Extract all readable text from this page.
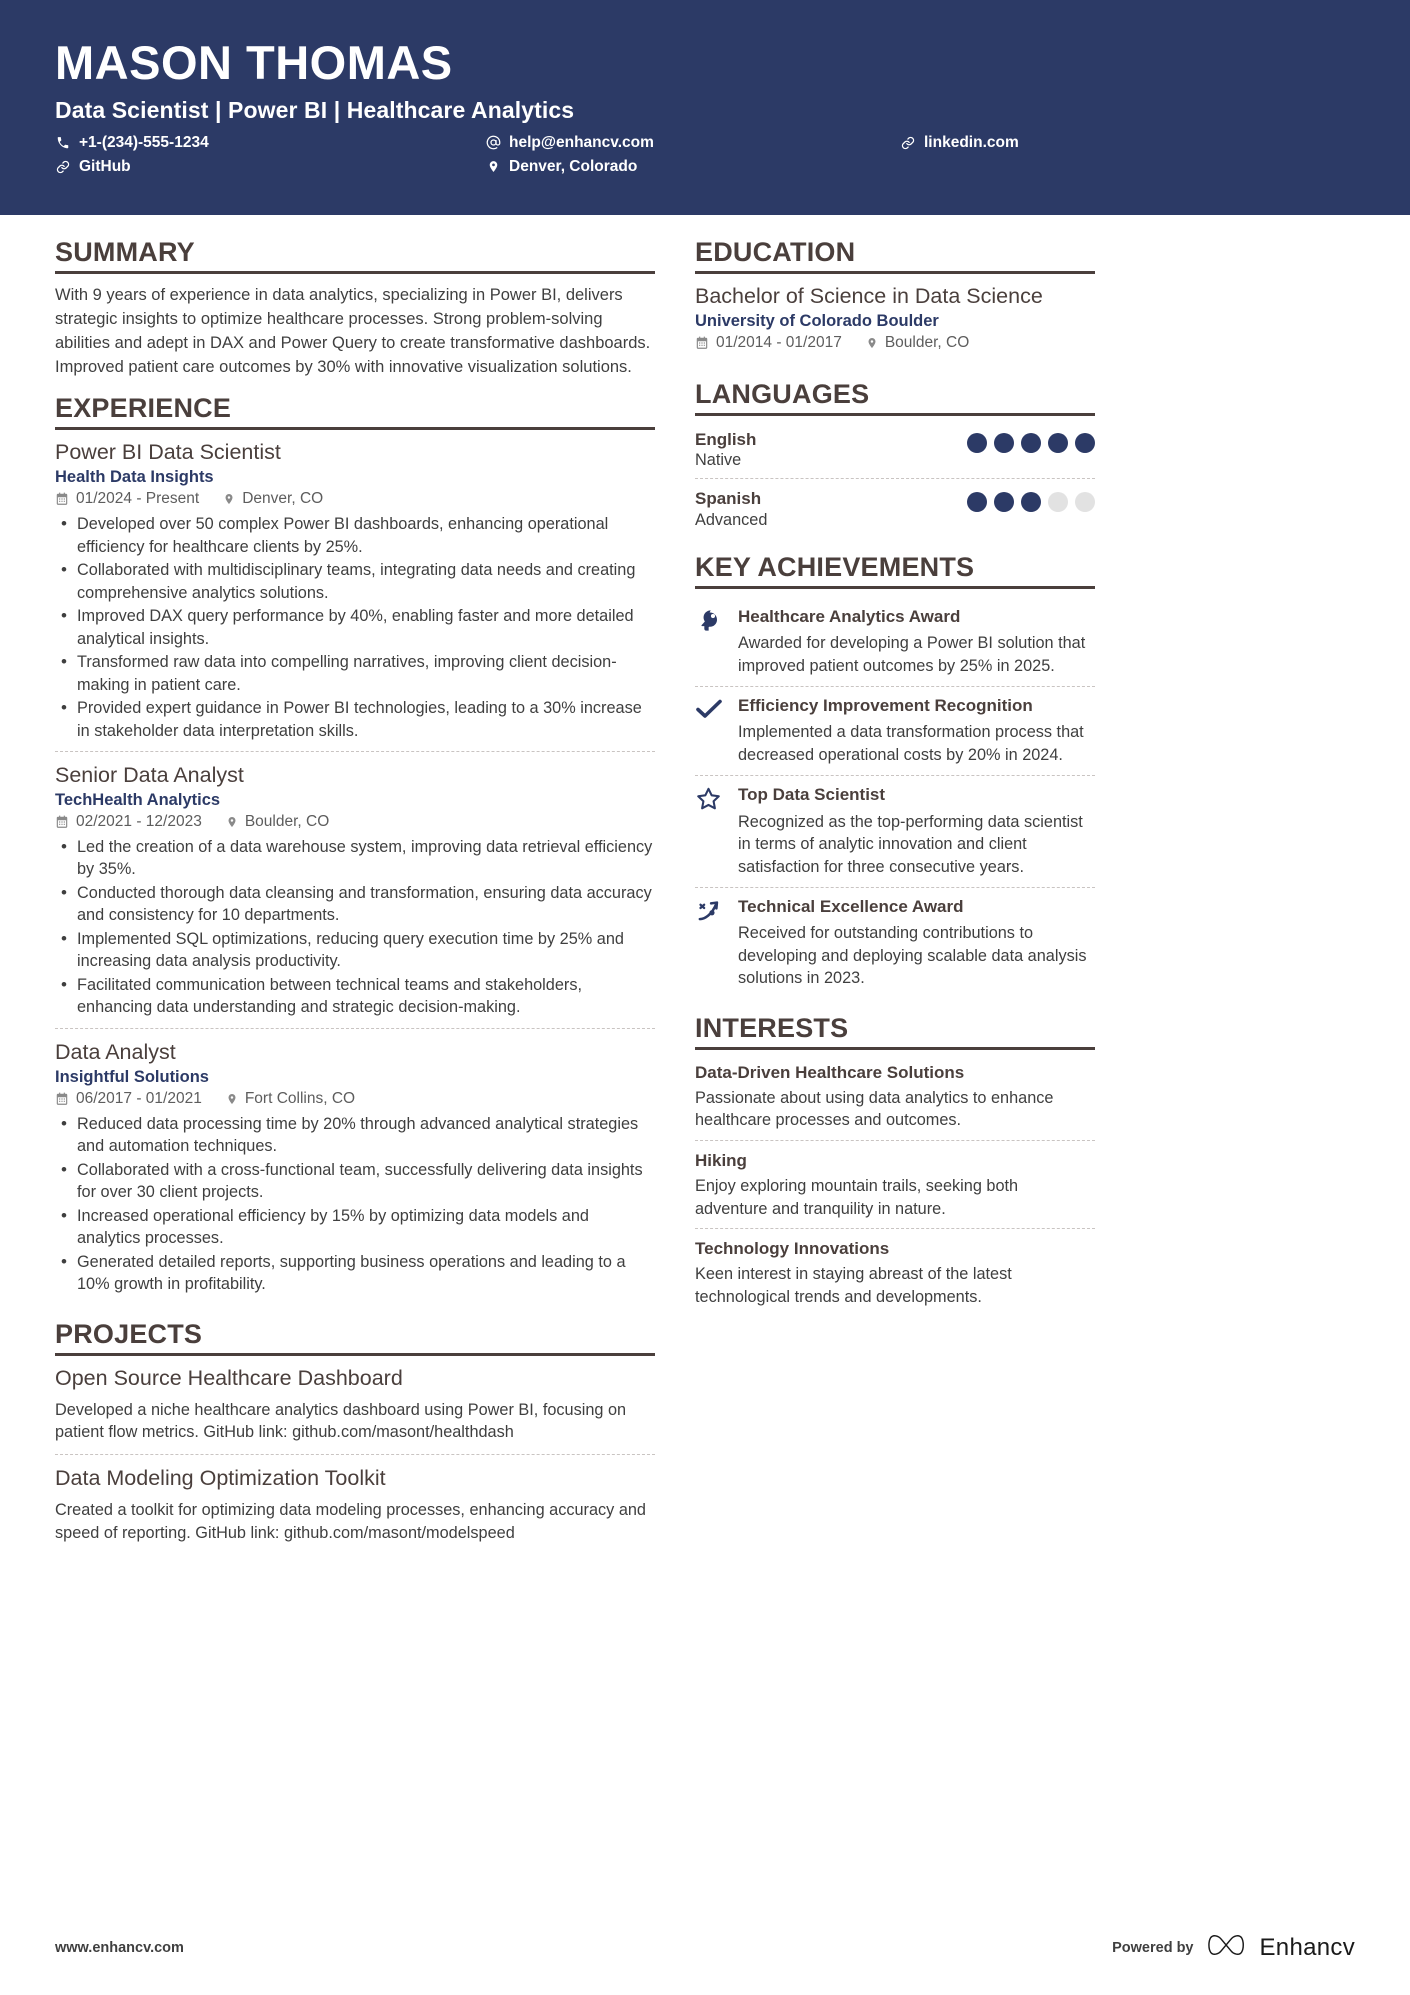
MASON THOMAS
Data Scientist | Power BI | Healthcare Analytics
+1-(234)-555-1234	help@enhancv.com	linkedin.com
GitHub	Denver, Colorado
SUMMARY
With 9 years of experience in data analytics, specializing in Power BI, delivers strategic insights to optimize healthcare processes. Strong problem-solving abilities and adept in DAX and Power Query to create transformative dashboards. Improved patient care outcomes by 30% with innovative visualization solutions.
EXPERIENCE
Power BI Data Scientist
Health Data Insights
01/2024 - Present	Denver, CO
• Developed over 50 complex Power BI dashboards, enhancing operational efficiency for healthcare clients by 25%.
• Collaborated with multidisciplinary teams, integrating data needs and creating comprehensive analytics solutions.
• Improved DAX query performance by 40%, enabling faster and more detailed analytical insights.
• Transformed raw data into compelling narratives, improving client decision-making in patient care.
• Provided expert guidance in Power BI technologies, leading to a 30% increase in stakeholder data interpretation skills.
Senior Data Analyst
TechHealth Analytics
02/2021 - 12/2023	Boulder, CO
• Led the creation of a data warehouse system, improving data retrieval efficiency by 35%.
• Conducted thorough data cleansing and transformation, ensuring data accuracy and consistency for 10 departments.
• Implemented SQL optimizations, reducing query execution time by 25% and increasing data analysis productivity.
• Facilitated communication between technical teams and stakeholders, enhancing data understanding and strategic decision-making.
Data Analyst
Insightful Solutions
06/2017 - 01/2021	Fort Collins, CO
• Reduced data processing time by 20% through advanced analytical strategies and automation techniques.
• Collaborated with a cross-functional team, successfully delivering data insights for over 30 client projects.
• Increased operational efficiency by 15% by optimizing data models and analytics processes.
• Generated detailed reports, supporting business operations and leading to a 10% growth in profitability.
PROJECTS
Open Source Healthcare Dashboard
Developed a niche healthcare analytics dashboard using Power BI, focusing on patient flow metrics. GitHub link: github.com/masont/healthdash
Data Modeling Optimization Toolkit
Created a toolkit for optimizing data modeling processes, enhancing accuracy and speed of reporting. GitHub link: github.com/masont/modelspeed
EDUCATION
Bachelor of Science in Data Science
University of Colorado Boulder
01/2014 - 01/2017	Boulder, CO
LANGUAGES
English
Native
Spanish
Advanced
KEY ACHIEVEMENTS
Healthcare Analytics Award
Awarded for developing a Power BI solution that improved patient outcomes by 25% in 2025.
Efficiency Improvement Recognition
Implemented a data transformation process that decreased operational costs by 20% in 2024.
Top Data Scientist
Recognized as the top-performing data scientist in terms of analytic innovation and client satisfaction for three consecutive years.
Technical Excellence Award
Received for outstanding contributions to developing and deploying scalable data analysis solutions in 2023.
INTERESTS
Data-Driven Healthcare Solutions
Passionate about using data analytics to enhance healthcare processes and outcomes.
Hiking
Enjoy exploring mountain trails, seeking both adventure and tranquility in nature.
Technology Innovations
Keen interest in staying abreast of the latest technological trends and developments.
www.enhancv.com	Powered by	Enhancv
